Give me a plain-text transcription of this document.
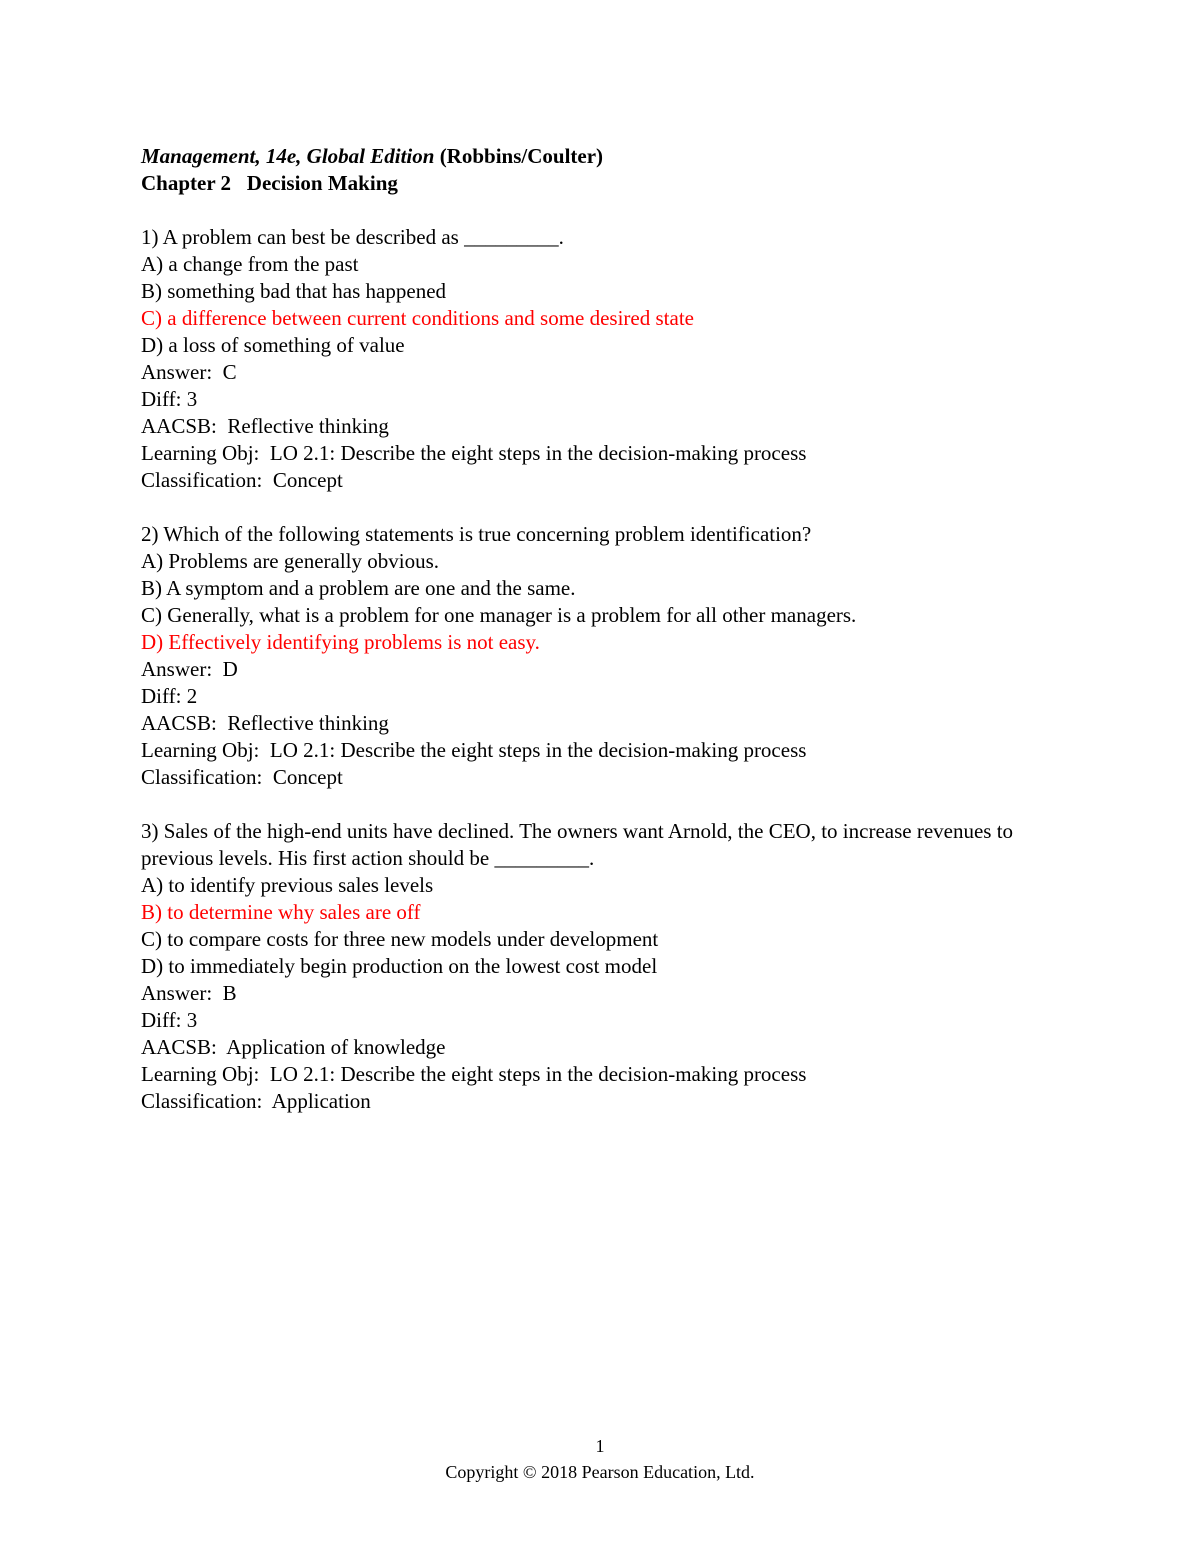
Management, 14e, Global Edition (Robbins/Coulter)
Chapter 2   Decision Making
1) A problem can best be described as _________.
A) a change from the past
B) something bad that has happened
C) a difference between current conditions and some desired state
D) a loss of something of value
Answer:  C
Diff: 3
AACSB:  Reflective thinking
Learning Obj:  LO 2.1: Describe the eight steps in the decision-making process
Classification:  Concept
2) Which of the following statements is true concerning problem identification?
A) Problems are generally obvious.
B) A symptom and a problem are one and the same.
C) Generally, what is a problem for one manager is a problem for all other managers.
D) Effectively identifying problems is not easy.
Answer:  D
Diff: 2
AACSB:  Reflective thinking
Learning Obj:  LO 2.1: Describe the eight steps in the decision-making process
Classification:  Concept
3) Sales of the high-end units have declined. The owners want Arnold, the CEO, to increase revenues to previous levels. His first action should be _________.
A) to identify previous sales levels
B) to determine why sales are off
C) to compare costs for three new models under development
D) to immediately begin production on the lowest cost model
Answer:  B
Diff: 3
AACSB:  Application of knowledge
Learning Obj:  LO 2.1: Describe the eight steps in the decision-making process
Classification:  Application
1
Copyright © 2018 Pearson Education, Ltd.
